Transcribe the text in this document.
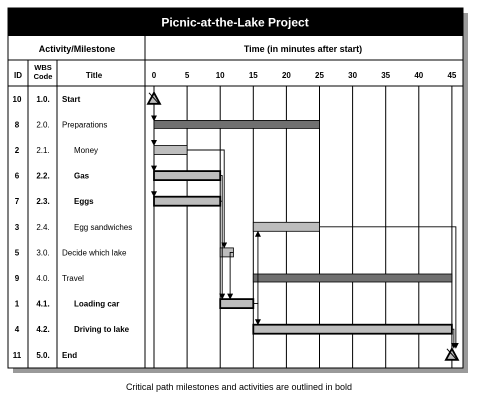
Picnic-at-the-Lake Project
Activity/Milestone	Time (in minutes after start)
ID
WBS Code	Title	0	5	10	15	20	25	30	35	40	45
10 1.0. Start
8 2.0. Preparations
2 2.1.	Money
6 2.2.	Gas
7 2.3.	Eggs
3 2.4.	Egg sandwiches
5 3.0. Decide which lake
9 4.0. Travel
1 4.1.	Loading car
4 4.2.	Driving to lake
11 5.0. End
Critical path milestones and activities are outlined in bold
